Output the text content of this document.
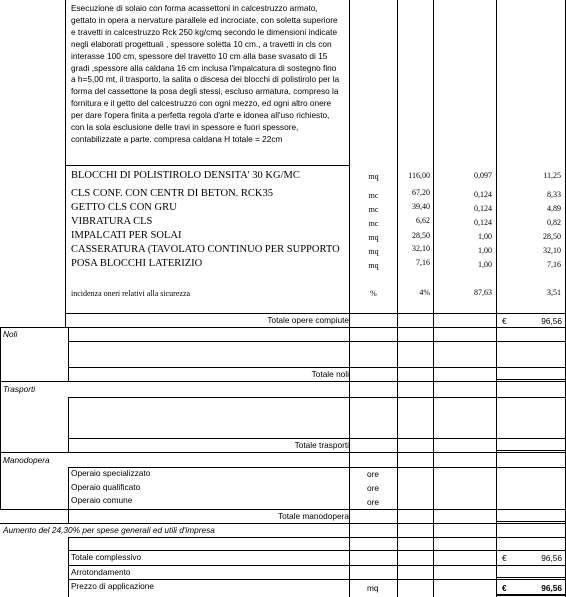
Esecuzione di solaio con forma acassettoni in calcestruzzo armato,
gettato in opera a nervature parallele ed incrociate, con soletta superiore
e travetti in calcestruzzo Rck 250 kg/cmq secondo le dimensioni indicate
negli elaborati progettuali , spessore soletta 10 cm., a travetti in cls con
interasse 100 cm, spessore del travetto 10 cm alla base svasato di 15
gradi ,spessore alla caldana 16 cm inclusa l'impalcatura di sostegno fino
a h=5,00 mt, il trasporto, la salita o discesa dei blocchi di polistirolo per la
forma del cassettone la posa degli stessi, escluso armatura, compreso la
fornitura e il getto del calcestruzzo con ogni mezzo, ed ogni altro onere
per dare l'opera finita a perfetta regola d'arte e idonea all'uso richiesto,
con la sola esclusione delle travi in spessore e fuori spessore,
contabilizzate a parte. compresa caldana H totale = 22cm
BLOCCHI DI POLISTIROLO DENSITA' 30 KG/MC	mq	116,00	0,097	11,25
CLS CONF. CON CENTR DI BETON. RCK35	mc	67,20	0,124	8,33
GETTO CLS CON GRU	mc	39,40	0,124	4,89
VIBRATURA CLS	mc	6,62	0,124	0,82
IMPALCATI PER SOLAI	mq	28,50	1,00	28,50
CASSERATURA (TAVOLATO CONTINUO PER SUPPORTO	mq	32,10	1,00	32,10
POSA BLOCCHI LATERIZIO	mq	7,16	1,00	7,16
incidenza oneri relativi alla sicurezza	%	4%	87,63	3,51
Totale opere compiute	€	96,56
Noli
Totale noli
Trasporti
Totale trasporti
Manodopera
Operaio specializzato	ore
Operaio qualificato	ore
Operaio comune	ore
Totale manodopera
Aumento del 24,30% per spese generali ed utili d'impresa
Totale complessivo	€	96,56
Arrotondamento
Prezzo di applicazione	mq	€	96,56
